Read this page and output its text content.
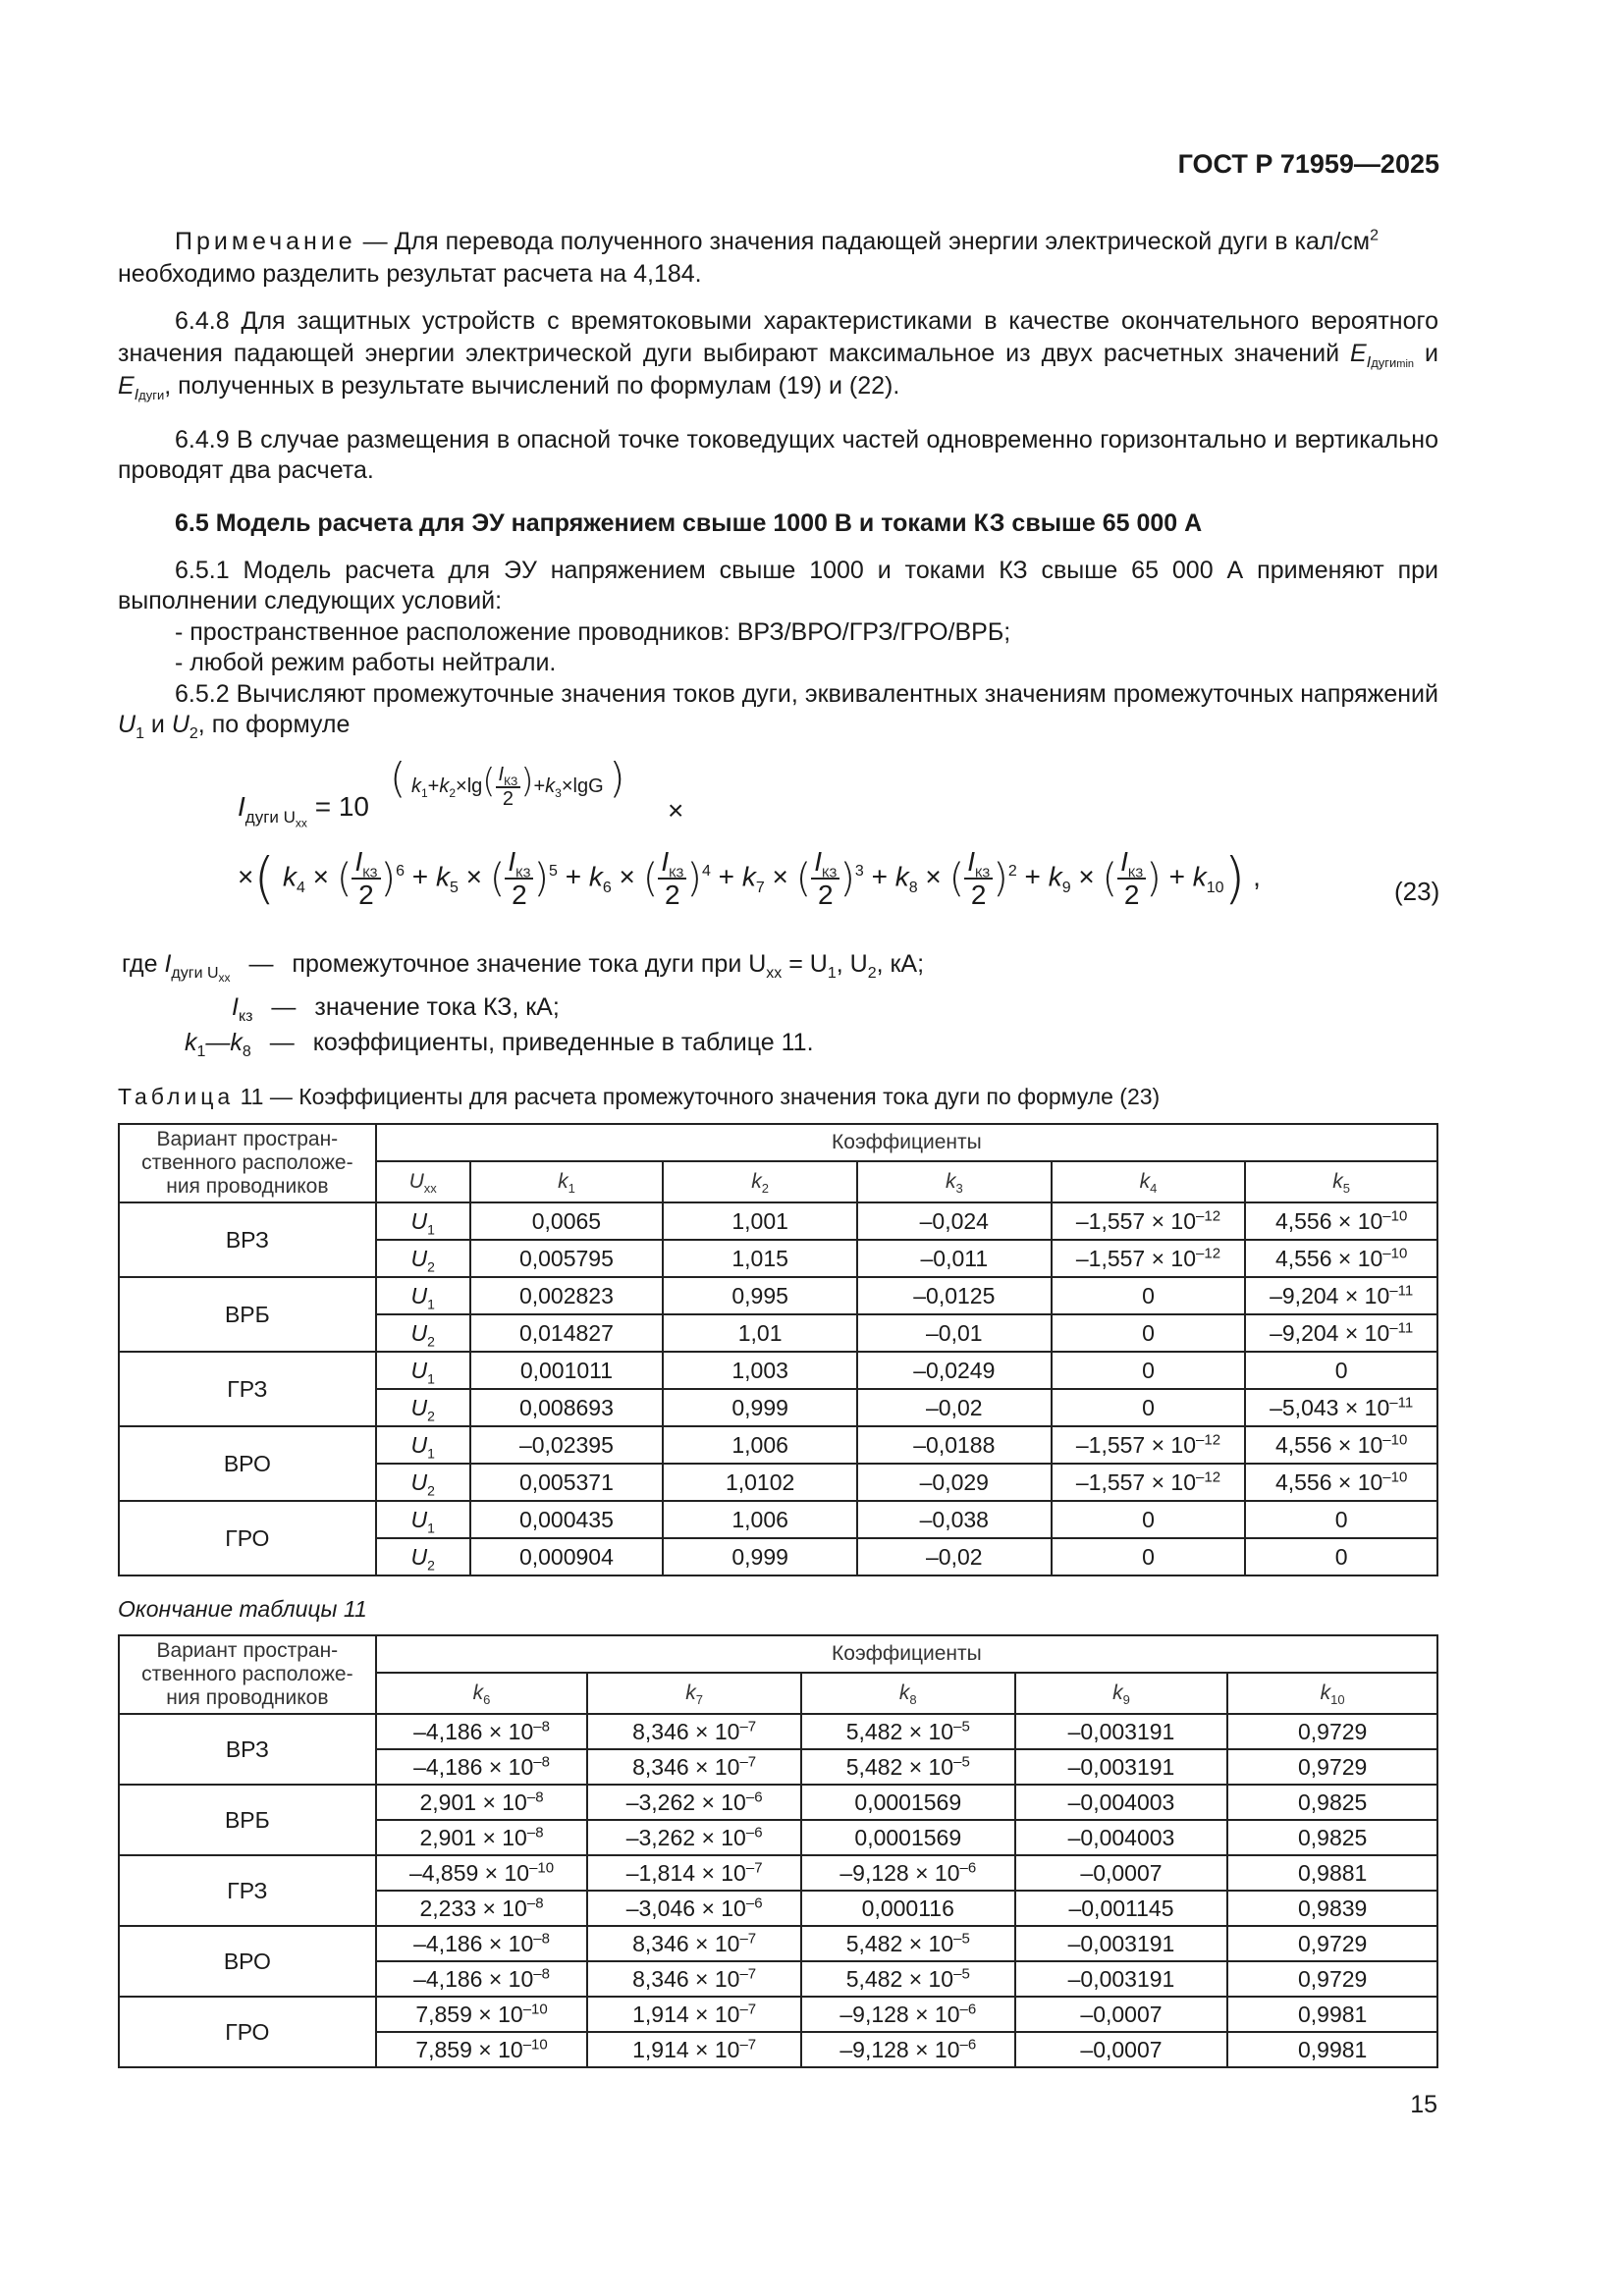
ГОСТ Р 71959—2025
Примечание — Для перевода полученного значения падающей энергии электрической дуги в кал/$см^2$
необходимо разделить результат расчета на 4,184.
6.4.8 Для защитных устройств с времятоковыми характеристиками в качестве окончательного вероятного значения падающей энергии электрической дуги выбирают максимальное из двух расчетных значений $E_{Iдугиmin}$ и $E_{Iдуги}$, полученных в результате вычислений по формулам (19) и (22).
6.4.9 В случае размещения в опасной точке токоведущих частей одновременно горизонтально и вертикально проводят два расчета.
6.5 Модель расчета для ЭУ напряжением свыше 1000 В и токами КЗ свыше 65 000 А
6.5.1 Модель расчета для ЭУ напряжением свыше 1000 и токами КЗ свыше 65 000 А применяют при выполнении следующих условий:
- пространственное расположение проводников: ВРЗ/ВРО/ГРЗ/ГРО/ВРБ;
- любой режим работы нейтрали.
6.5.2 Вычисляют промежуточные значения токов дуги, эквивалентных значениям промежуточных напряжений $U_1$ и $U_2$, по формуле
$I_{дуги U_{xx}} = 10$
( $k_1+k_2\times\lg( \frac{I_{КЗ}}{2} )+k_3\times\lg G$ )
×
×( $k_4$ × ( $\frac{I_{КЗ}}{2} )^6 + k_5$ × ( $\frac{I_{КЗ}}{2} )^5 + k_6$ × ( $\frac{I_{КЗ}}{2} )^4 + k_7$ × ( $\frac{I_{КЗ}}{2} )^3 + k_8$ × ( $\frac{I_{КЗ}}{2} )^2 + k_9$ × ( $\frac{I_{КЗ}}{2}$ ) + $k_{10}$) ,	(23)
где $I_{дуги U_{xx}}$ — промежуточное значение тока дуги при $U_{xx} = U_1$, $U_2$, кА;
$I_{кз}$ — значение тока КЗ, кА;
$k_1—k_8$ — коэффициенты, приведенные в таблице 11.
Таблица 11 — Коэффициенты для расчета промежуточного значения тока дуги по формуле (23)
Вариант простран-ственного расположе-ния проводников	Коэффициенты					
	$U_{xx}$	$k_1$	$k_2$	$k_3$	$k_4$	$k_5$
ВРЗ	$U_1$	0,0065	1,001	–0,024	$-1,557 \times 10^{-12}$	$4,556 \times 10^{-10}$
	$U_2$	0,005795	1,015	–0,011	$-1,557 \times 10^{-12}$	$4,556 \times 10^{-10}$
ВРБ	$U_1$	0,002823	0,995	–0,0125	0	$-9,204 \times 10^{-11}$
	$U_2$	0,014827	1,01	–0,01	0	$-9,204 \times 10^{-11}$
ГРЗ	$U_1$	0,001011	1,003	–0,0249	0	0
	$U_2$	0,008693	0,999	–0,02	0	$-5,043 \times 10^{-11}$
ВРО	$U_1$	–0,02395	1,006	–0,0188	$-1,557 \times 10^{-12}$	$4,556 \times 10^{-10}$
	$U_2$	0,005371	1,0102	–0,029	$-1,557 \times 10^{-12}$	$4,556 \times 10^{-10}$
ГРО	$U_1$	0,000435	1,006	–0,038	0	0
	$U_2$	0,000904	0,999	–0,02	0	0
Окончание таблицы 11
Вариант простран-ственного расположе-ния проводников	Коэффициенты				
	$k_6$	$k_7$	$k_8$	$k_9$	$k_{10}$
ВРЗ	$-4,186 \times 10^{-8}$	$8,346 \times 10^{-7}$	$5,482 \times 10^{-5}$	–0,003191	0,9729
	$-4,186 \times 10^{-8}$	$8,346 \times 10^{-7}$	$5,482 \times 10^{-5}$	–0,003191	0,9729
ВРБ	$2,901 \times 10^{-8}$	$-3,262 \times 10^{-6}$	0,0001569	–0,004003	0,9825
	$2,901 \times 10^{-8}$	$-3,262 \times 10^{-6}$	0,0001569	–0,004003	0,9825
ГРЗ	$-4,859 \times 10^{-10}$	$-1,814 \times 10^{-7}$	$-9,128 \times 10^{-6}$	–0,0007	0,9881
	$2,233 \times 10^{-8}$	$-3,046 \times 10^{-6}$	0,000116	–0,001145	0,9839
ВРО	$-4,186 \times 10^{-8}$	$8,346 \times 10^{-7}$	$5,482 \times 10^{-5}$	–0,003191	0,9729
	$-4,186 \times 10^{-8}$	$8,346 \times 10^{-7}$	$5,482 \times 10^{-5}$	–0,003191	0,9729
ГРО	$7,859 \times 10^{-10}$	$1,914 \times 10^{-7}$	$-9,128 \times 10^{-6}$	–0,0007	0,9981
	$7,859 \times 10^{-10}$	$1,914 \times 10^{-7}$	$-9,128 \times 10^{-6}$	–0,0007	0,9981
15
